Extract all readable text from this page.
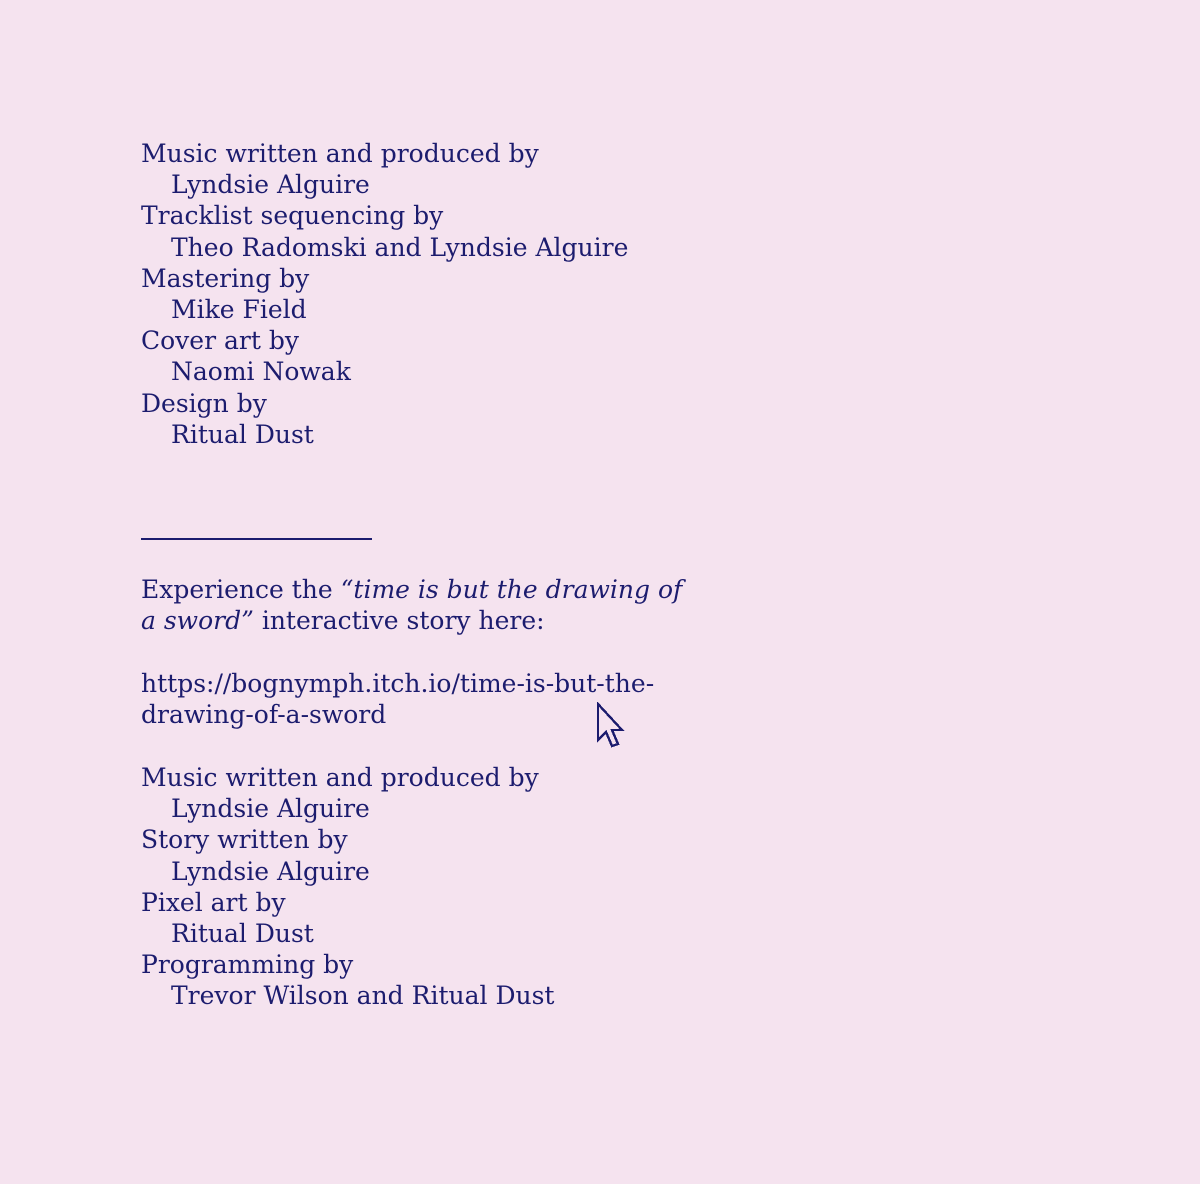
Music written and produced by
Lyndsie Alguire
Tracklist sequencing by
Theo Radomski and Lyndsie Alguire
Mastering by
Mike Field
Cover art by
Naomi Nowak
Design by
Ritual Dust
Experience the “time is but the drawing of a sword” interactive story here:
https://bognymph.itch.io/time-is-but-the-
drawing-of-a-sword
Music written and produced by
Lyndsie Alguire
Story written by
Lyndsie Alguire
Pixel art by
Ritual Dust
Programming by
Trevor Wilson and Ritual Dust
